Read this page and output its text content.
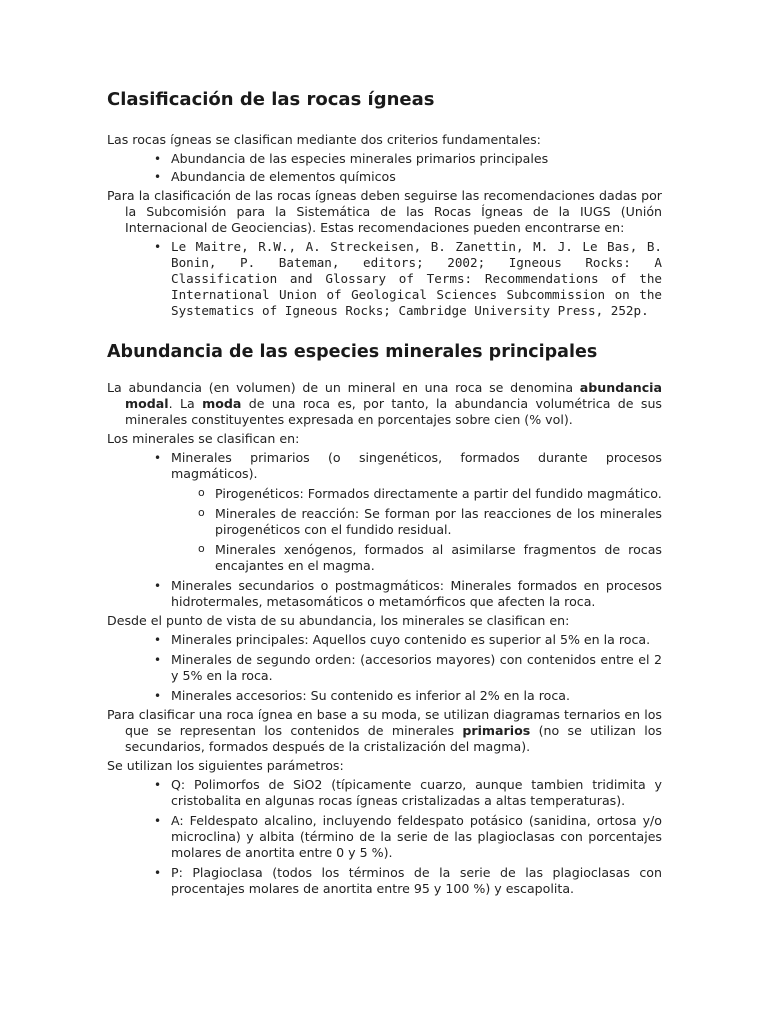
Clasificación de las rocas ígneas

Las rocas ígneas se clasifican mediante dos criterios fundamentales:

• Abundancia de las especies minerales primarios principales
• Abundancia de elementos químicos

Para la clasificación de las rocas ígneas deben seguirse las recomendaciones dadas por la Subcomisión para la Sistemática de las Rocas Ígneas de la IUGS (Unión Internacional de Geociencias). Estas recomendaciones pueden encontrarse en:

• Le Maitre, R.W., A. Streckeisen, B. Zanettin, M. J. Le Bas, B. Bonin, P. Bateman, editors; 2002; Igneous Rocks: A Classification and Glossary of Terms: Recommendations of the International Union of Geological Sciences Subcommission on the Systematics of Igneous Rocks; Cambridge University Press, 252p.
Abundancia de las especies minerales principales

La abundancia (en volumen) de un mineral en una roca se denomina abundancia modal. La moda de una roca es, por tanto, la abundancia volumétrica de sus minerales constituyentes expresada en porcentajes sobre cien (% vol).

Los minerales se clasifican en:

• Minerales primarios (o singenéticos, formados durante procesos magmáticos).
o Pirogenéticos: Formados directamente a partir del fundido magmático.
o Minerales de reacción: Se forman por las reacciones de los minerales pirogenéticos con el fundido residual.
o Minerales xenógenos, formados al asimilarse fragmentos de rocas encajantes en el magma.
• Minerales secundarios o postmagmáticos: Minerales formados en procesos hidrotermales, metasomáticos o metamórficos que afecten la roca.

Desde el punto de vista de su abundancia, los minerales se clasifican en:

• Minerales principales: Aquellos cuyo contenido es superior al 5% en la roca.
• Minerales de segundo orden: (accesorios mayores) con contenidos entre el 2 y 5% en la roca.
• Minerales accesorios: Su contenido es inferior al 2% en la roca.

Para clasificar una roca ígnea en base a su moda, se utilizan diagramas ternarios en los que se representan los contenidos de minerales primarios (no se utilizan los secundarios, formados después de la cristalización del magma).

Se utilizan los siguientes parámetros:

• Q: Polimorfos de SiO2 (típicamente cuarzo, aunque tambien tridimita y cristobalita en algunas rocas ígneas cristalizadas a altas temperaturas).
• A: Feldespato alcalino, incluyendo feldespato potásico (sanidina, ortosa y/o microclina) y albita (término de la serie de las plagioclasas con porcentajes molares de anortita entre 0 y 5 %).
• P: Plagioclasa (todos los términos de la serie de las plagioclasas con procentajes molares de anortita entre 95 y 100 %) y escapolita.
